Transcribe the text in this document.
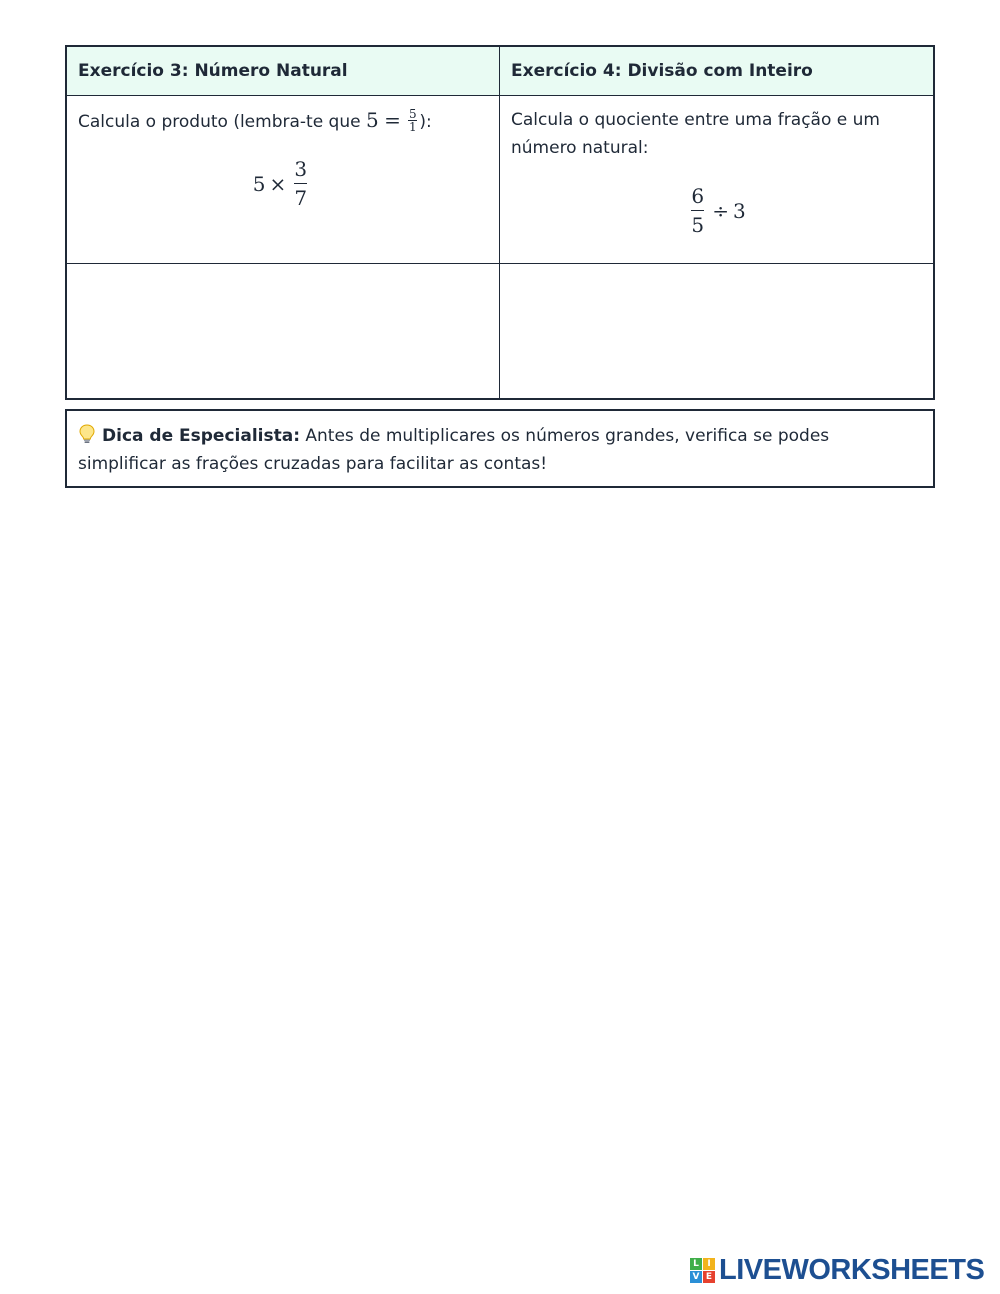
Exercício 3: Número Natural	Exercício 4: Divisão com Inteiro
Calcula o produto (lembra-te que $5 = \frac{5}{1}$ ):
$5 \times \frac{3}{7}$
Calcula o quociente entre uma fração e um número natural:
$\frac{6}{5} \div 3$
Dica de Especialista: Antes de multiplicares os números grandes, verifica se podes simplificar as frações cruzadas para facilitar as contas!
L I
V E LIVEWORKSHEETS
